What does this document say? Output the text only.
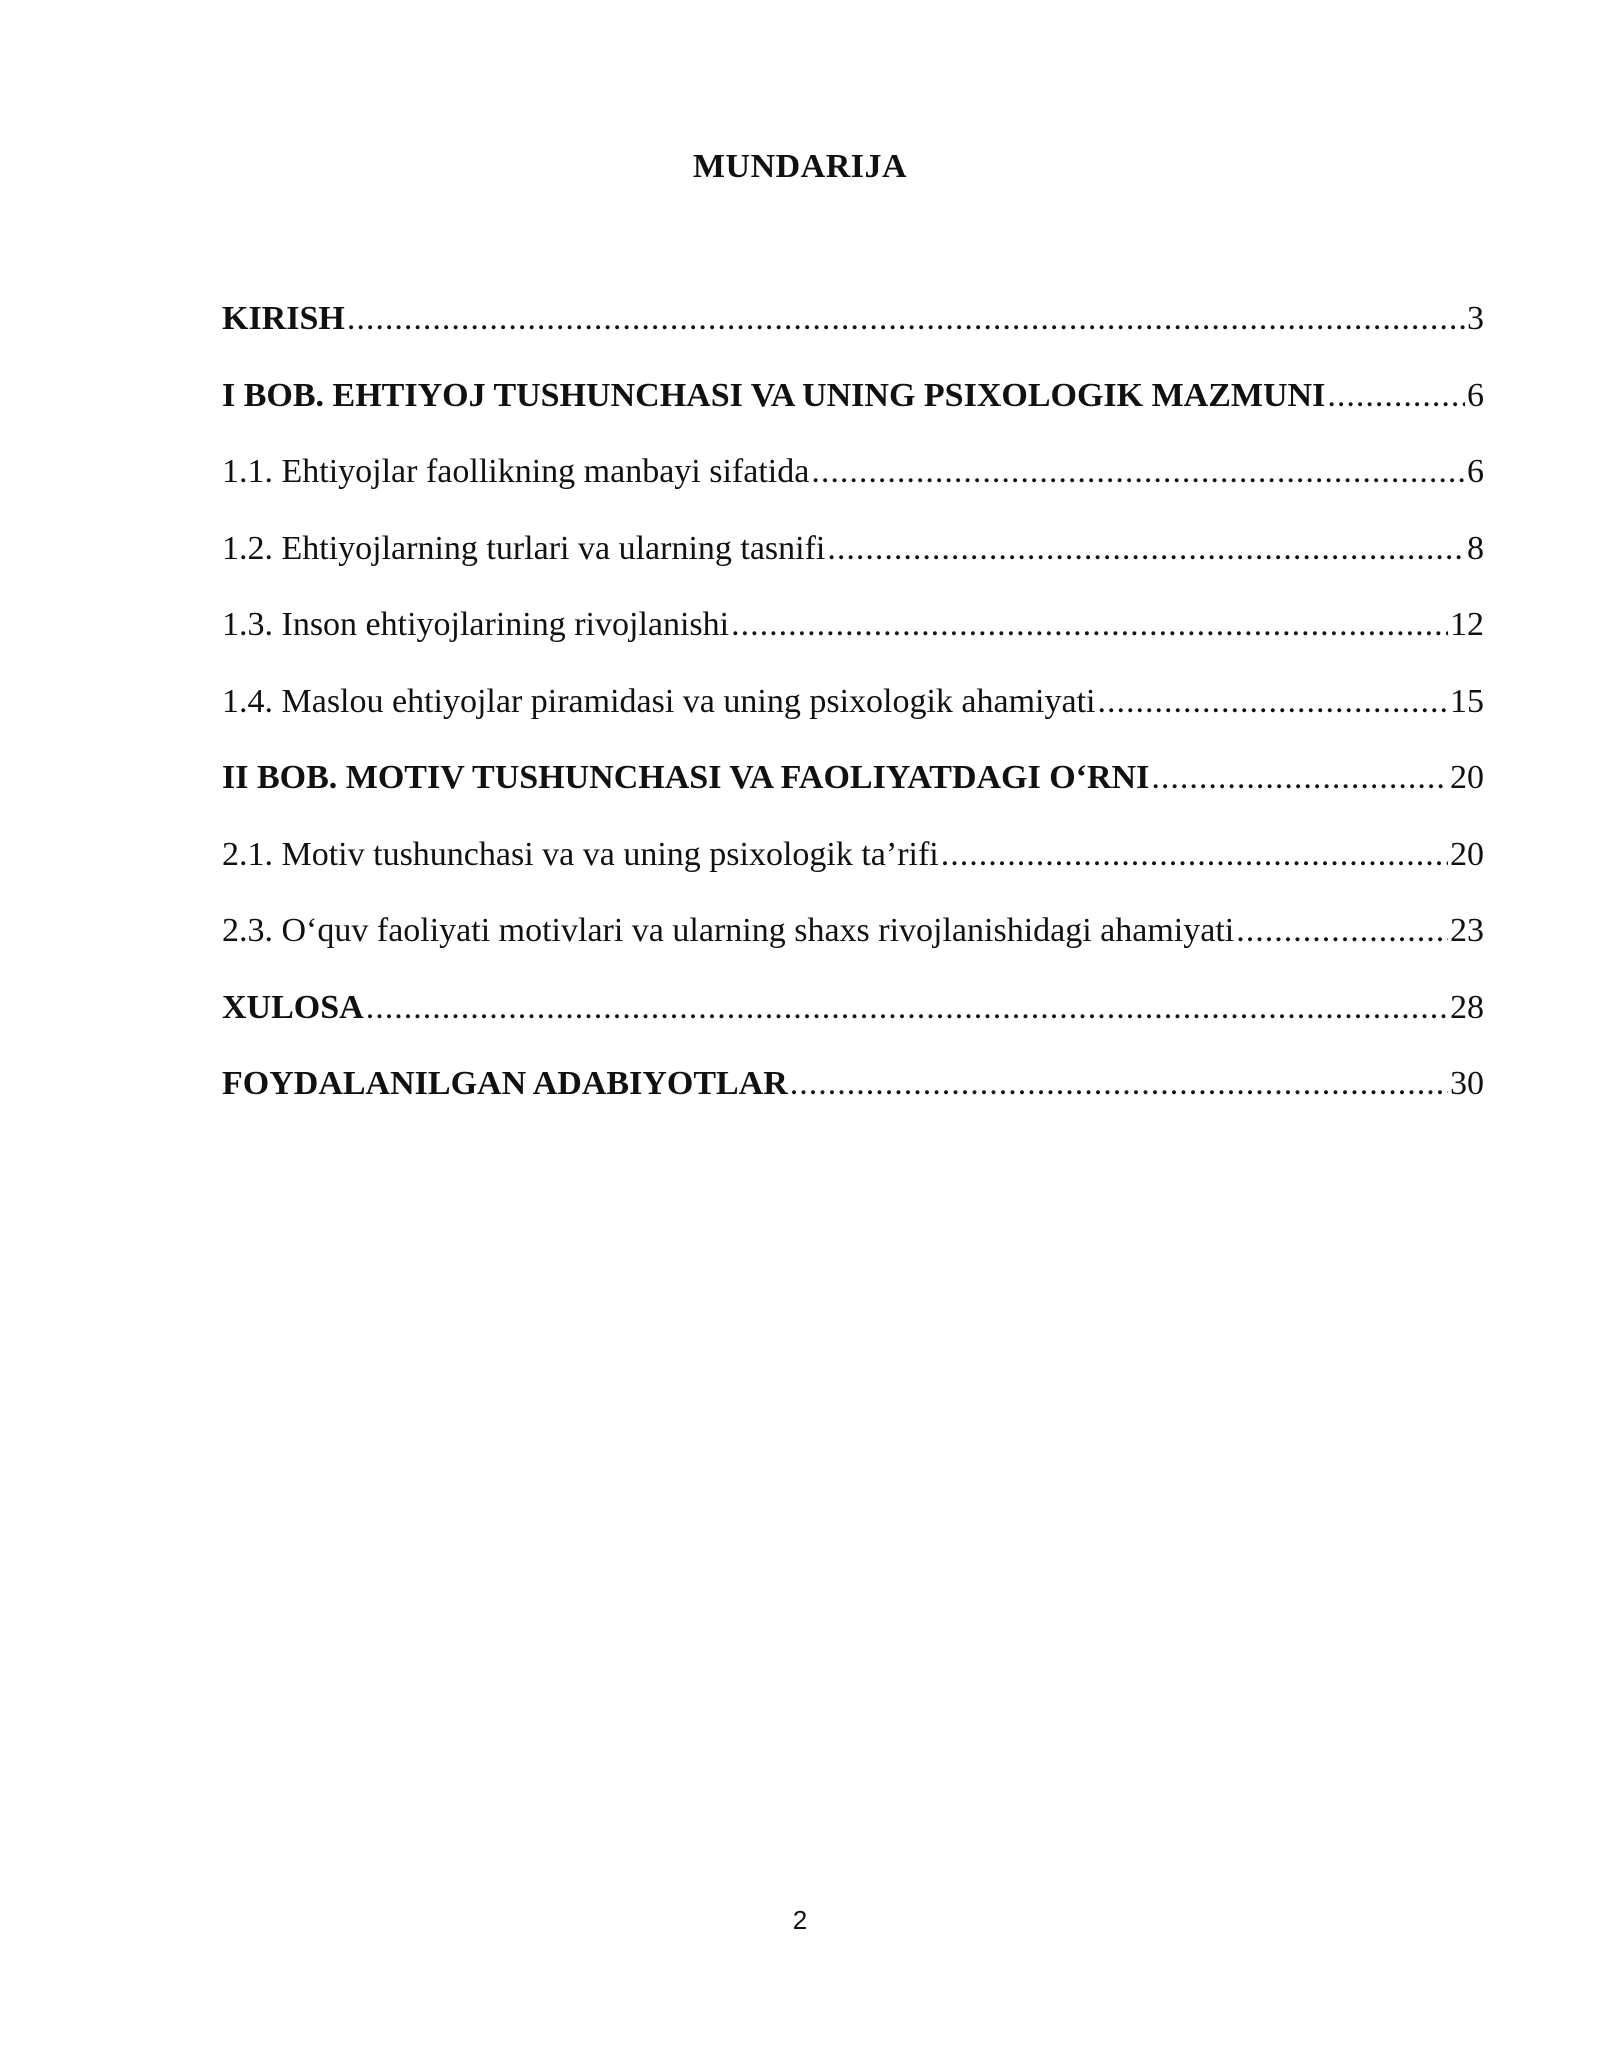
MUNDARIJA
KIRISH .....	3
I BOB. EHTIYOJ TUSHUNCHASI VA UNING PSIXOLOGIK MAZMUNI .....	6
1.1. Ehtiyojlar faollikning manbayi sifatida .....	6
1.2. Ehtiyojlarning turlari va ularning tasnifi .....	8
1.3. Inson ehtiyojlarining rivojlanishi .....	12
1.4. Maslou ehtiyojlar piramidasi va uning psixologik ahamiyati .....	15
II BOB. MOTIV TUSHUNCHASI VA FAOLIYATDAGI O‘RNI .....	20
2.1. Motiv tushunchasi va va uning psixologik ta’rifi .....	20
2.3. O‘quv faoliyati motivlari va ularning shaxs rivojlanishidagi ahamiyati .....	23
XULOSA .....	28
FOYDALANILGAN ADABIYOTLAR .....	30
2
